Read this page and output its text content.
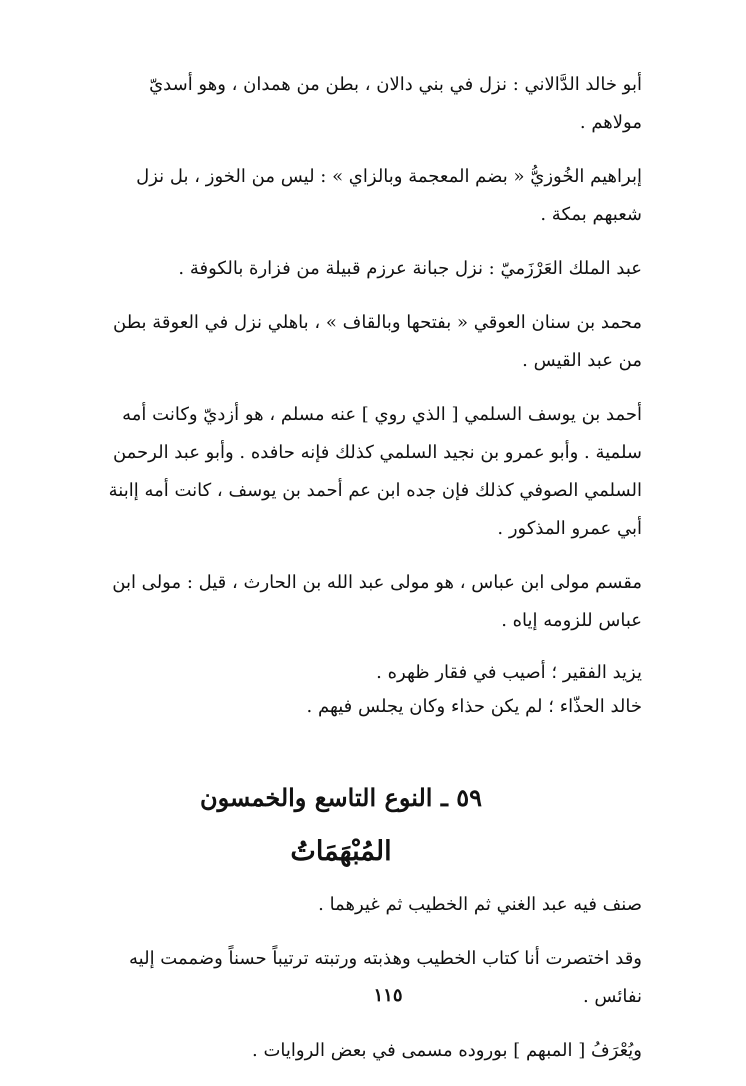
أبو خالد الدَّالاني : نزل في بني دالان ، بطن من همدان ، وهو أسديّ مولاهم .

إبراهيم الخُوزيُّ « بضم المعجمة وبالزاي » : ليس من الخوز ، بل نزل شعبهم بمكة .

عبد الملك العَرْزَميّ : نزل جبانة عرزم قبيلة من فزارة بالكوفة .

محمد بن سنان العوقي « بفتحها وبالقاف » ، باهلي نزل في العوقة بطن من عبد القيس .

أحمد بن يوسف السلمي [ الذي روي ] عنه مسلم ، هو أزديّ وكانت أمه سلمية . وأبو عمرو بن نجيد السلمي كذلك فإنه حافده . وأبو عبد الرحمن السلمي الصوفي كذلك فإن جده ابن عم أحمد بن يوسف ، كانت أمه إابنة أبي عمرو المذكور .

مقسم مولى ابن عباس ، هو مولى عبد الله بن الحارث ، قيل : مولى ابن عباس للزومه إياه .

يزيد الفقير ؛ أصيب في فقار ظهره .
خالد الحذّاء ؛ لم يكن حذاء وكان يجلس فيهم .
٥٩ ـ النوع التاسع والخمسون
المُبْهَمَاتُ

صنف فيه عبد الغني ثم الخطيب ثم غيرهما .

وقد اختصرت أنا كتاب الخطيب وهذبته ورتبته ترتيباً حسناً وضممت إليه نفائس .

ويُعْرَفُ [ المبهم ] بوروده مسمى في بعض الروايات .

١١٥
